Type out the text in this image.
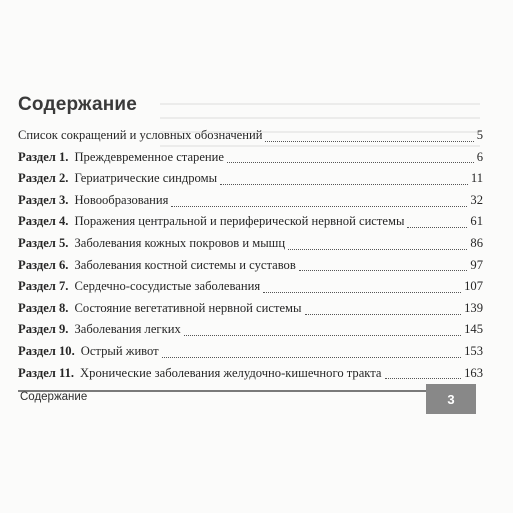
Содержание
Список сокращений и условных обозначений	5
Раздел 1. Преждевременное старение	6
Раздел 2. Гериатрические синдромы	11
Раздел 3. Новообразования	32
Раздел 4. Поражения центральной и периферической нервной системы	61
Раздел 5. Заболевания кожных покровов и мышц	86
Раздел 6. Заболевания костной системы и суставов	97
Раздел 7. Сердечно-сосудистые заболевания	107
Раздел 8. Состояние вегетативной нервной системы	139
Раздел 9. Заболевания легких	145
Раздел 10. Острый живот	153
Раздел 11. Хронические заболевания желудочно-кишечного тракта	163
Содержание	3
